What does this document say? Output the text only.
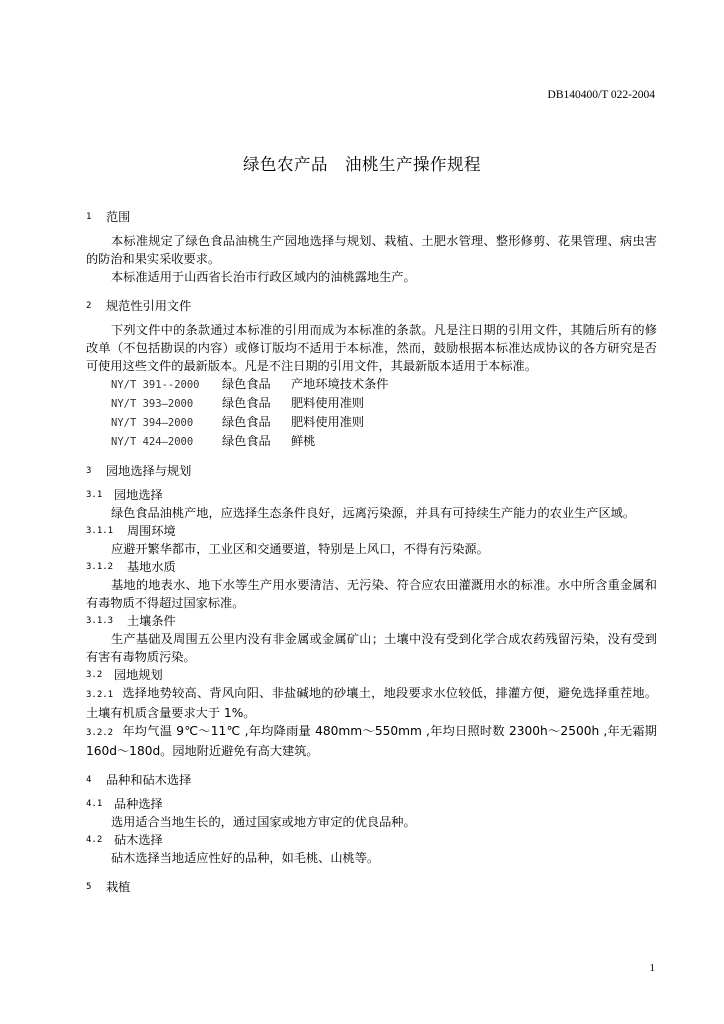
DB140400/T 022-2004
绿色农产品　油桃生产操作规程
1 范围
本标准规定了绿色食品油桃生产园地选择与规划、栽植、土肥水管理、整形修剪、花果管理、病虫害的防治和果实采收要求。
本标准适用于山西省长治市行政区域内的油桃露地生产。
2 规范性引用文件
下列文件中的条款通过本标准的引用而成为本标准的条款。凡是注日期的引用文件，其随后所有的修改单（不包括勘误的内容）或修订版均不适用于本标准，然而，鼓励根据本标准达成协议的各方研究是否可使用这些文件的最新版本。凡是不注日期的引用文件，其最新版本适用于本标准。
NY/T 391--2000 绿色食品 产地环境技术条件
NY/T 393—2000 绿色食品 肥料使用准则
NY/T 394—2000 绿色食品 肥料使用准则
NY/T 424—2000 绿色食品 鲜桃
3 园地选择与规划
3.1 园地选择
绿色食品油桃产地，应选择生态条件良好，远离污染源，并具有可持续生产能力的农业生产区域。
3.1.1 周围环境
应避开繁华都市，工业区和交通要道，特别是上风口，不得有污染源。
3.1.2 基地水质
基地的地表水、地下水等生产用水要清洁、无污染、符合应农田灌溉用水的标准。水中所含重金属和有毒物质不得超过国家标准。
3.1.3 土壤条件
生产基础及周围五公里内没有非金属或金属矿山；土壤中没有受到化学合成农药残留污染，没有受到有害有毒物质污染。
3.2 园地规划
3.2.1 选择地势较高、背风向阳、非盐碱地的砂壤土，地段要求水位较低，排灌方便，避免选择重茬地。土壤有机质含量要求大于 1%。
3.2.2 年均气温 9℃～11℃ ,年均降雨量 480mm～550mm ,年均日照时数 2300h～2500h ,年无霜期 160d～180d。园地附近避免有高大建筑。
4 品种和砧木选择
4.1 品种选择
选用适合当地生长的，通过国家或地方审定的优良品种。
4.2 砧木选择
砧木选择当地适应性好的品种，如毛桃、山桃等。
5 栽植
1
